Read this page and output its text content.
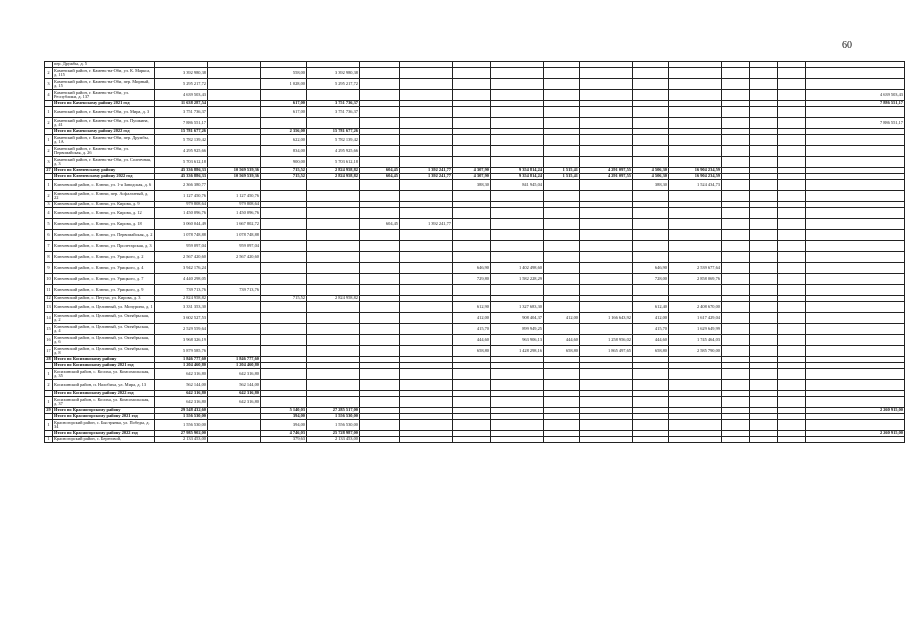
60
	пер. Дружбы, д. 5																
2	Каменский район, г. Камень-на-Оби, ул. К. Маркса, д. 115	3 392 980,38		558,00	3 392 980,38												
3	Каменский район, г. Камень-на-Оби, пер. Мирный, д. 15	5 295 217,72		1 028,00	5 295 217,72												
4	Каменский район, г. Камень-на-Оби, ул. Республики, д. 137	4 639 503,43															4 639 503,43
	Итого по Каменскому району 2021 год	11 638 287,54		617,00	3 751 736,37												7 886 551,17
1	Каменский район, г. Камень-на-Оби, ул. Мира, д. 3	3 751 736,37		617,00	3 751 736,37												
2	Каменский район, г. Камень-на-Оби, ул. Пушкина, д. 41	7 886 551,17															7 886 551,17
	Итого по Каменскому району 2022 год	15 781 677,26		2 356,00	15 781 677,26												
1	Каменский район, г. Камень-на-Оби, пер. Дружбы, д. 1А	5 782 139,42		622,00	5 782 139,42												
2	Каменский район, г. Камень-на-Оби, ул. Первомайская, д. 26	4 295 925,66		834,00	4 295 925,66												
3	Каменский район, г. Камень-на-Оби, ул. Солнечная, д. 3	5 703 612,18		900,00	5 703 612,18												
27	Итого по Ключевскому району	45 336 886,33	10 569 539,36	715,52	2 824 958,82	604,45	1 392 241,77	4 307,90	9 354 814,24	1 515,41	4 291 097,55	4 506,30	16 904 234,59				
	Итого по Ключевскому району 2022 год	45 336 886,33	10 569 539,36	715,52	2 824 958,82	604,45	1 392 241,77	4 307,90	9 354 814,24	1 515,41	4 291 097,55	4 506,30	16 904 234,59				
1	Ключевский район, с. Ключи, ул. 1-я Заводская, д. 6	2 366 380,77						388,30	841 945,04			388,30	1 524 434,73				
2	Ключевский район, с. Ключи, пер. Асфальтный, д. 22	1 127 450,76	1 127 450,76														
3	Ключевский район, с. Ключи, ул. Кирова, д. 9	979 808,64	979 808,64														
4	Ключевский район, с. Ключи, ул. Кирова, д. 12	1 450 096,76	1 450 096,76														
5	Ключевский район, с. Ключи, ул. Кирова, д. 18	3 060 044,49	1 667 802,72			604,45	1 392 241,77										
6	Ключевский район, с. Ключи, ул. Первомайская, д. 2	1 078 748,88	1 078 748,88														
7	Ключевский район, с. Ключи, ул. Пролетарская, д. 3	959 097,04	959 097,04														
8	Ключевский район, с. Ключи, ул. Урицкого, д. 2	2 567 420,60	2 567 420,60														
9	Ключевский район, с. Ключи, ул. Урицкого, д. 4	3 942 176,24						646,90	1 402 498,60			646,90	2 539 677,64				
10	Ключевский район, с. Ключи, ул. Урицкого, д. 7	4 440 298,05						729,80	1 582 228,29			728,00	2 858 069,76				
11	Ключевский район, с. Ключи, ул. Урицкого, д. 9	739 713,76	739 713,76														
12	Ключевский район, с. Петухи, ул. Кирова, д. 3	2 824 958,82		715,52	2 824 958,82												
13	Ключевский район, п. Целинный, ул. Мичурина, д. 1	3 331 353,30						612,90	1 327 683,30			612,40	2 408 670,00				
14	Ключевский район, п. Целинный, ул. Октябрьская, д. 2	3 602 527,53						412,00	908 404,37	412,00	1 166 643,92	412,00	1 617 429,04				
15	Ключевский район, п. Целинный, ул. Октябрьская, д. 4	2 529 559,64						415,70	899 949,25			415,70	1 629 649,99				
16	Ключевский район, п. Целинный, ул. Октябрьская, д. 6	3 968 326,19						444,60	963 906,13	444,60	1 258 956,02	444,60	1 745 464,03				
17	Ключевский район, п. Целинный, ул. Октябрьская, д. 8	5 879 585,76						658,80	1 428 298,16	658,80	1 865 497,65	658,80	2 585 790,00				
28	Итого по Косихинскому району	1 846 777,60	1 846 777,60														
	Итого по Косихинскому району 2021 год	1 204 460,80	1 204 460,80														
1	Косихинский район, с. Косиха, ул. Комсомольская, д. 35	642 316,80	642 316,80														
2	Косихинский район, п. Налобиха, ул. Мира, д. 13	562 144,00	562 144,00														
	Итого по Косихинскому району 2022 год	642 316,80	642 316,80														
1	Косихинский район, с. Косиха, ул. Комсомольская, д. 37	642 316,80	642 316,80														
29	Итого по Красногорскому району	29 548 432,60		5 140,03	27 285 517,00												2 260 915,00
	Итого по Красногорскому району 2021 год	1 556 530,00		394,00	1 556 530,00												
1	Красногорский район, с. Быстрянка, ул. Победы, д. 34	1 556 530,00		394,00	1 556 530,00												
	Итого по Красногорскому району 2022 год	27 985 902,00		4 746,03	25 728 987,00												2 260 915,00
1	Красногорский район, с. Береговой,	2 133 453,00		379,63	2 133 453,00												
